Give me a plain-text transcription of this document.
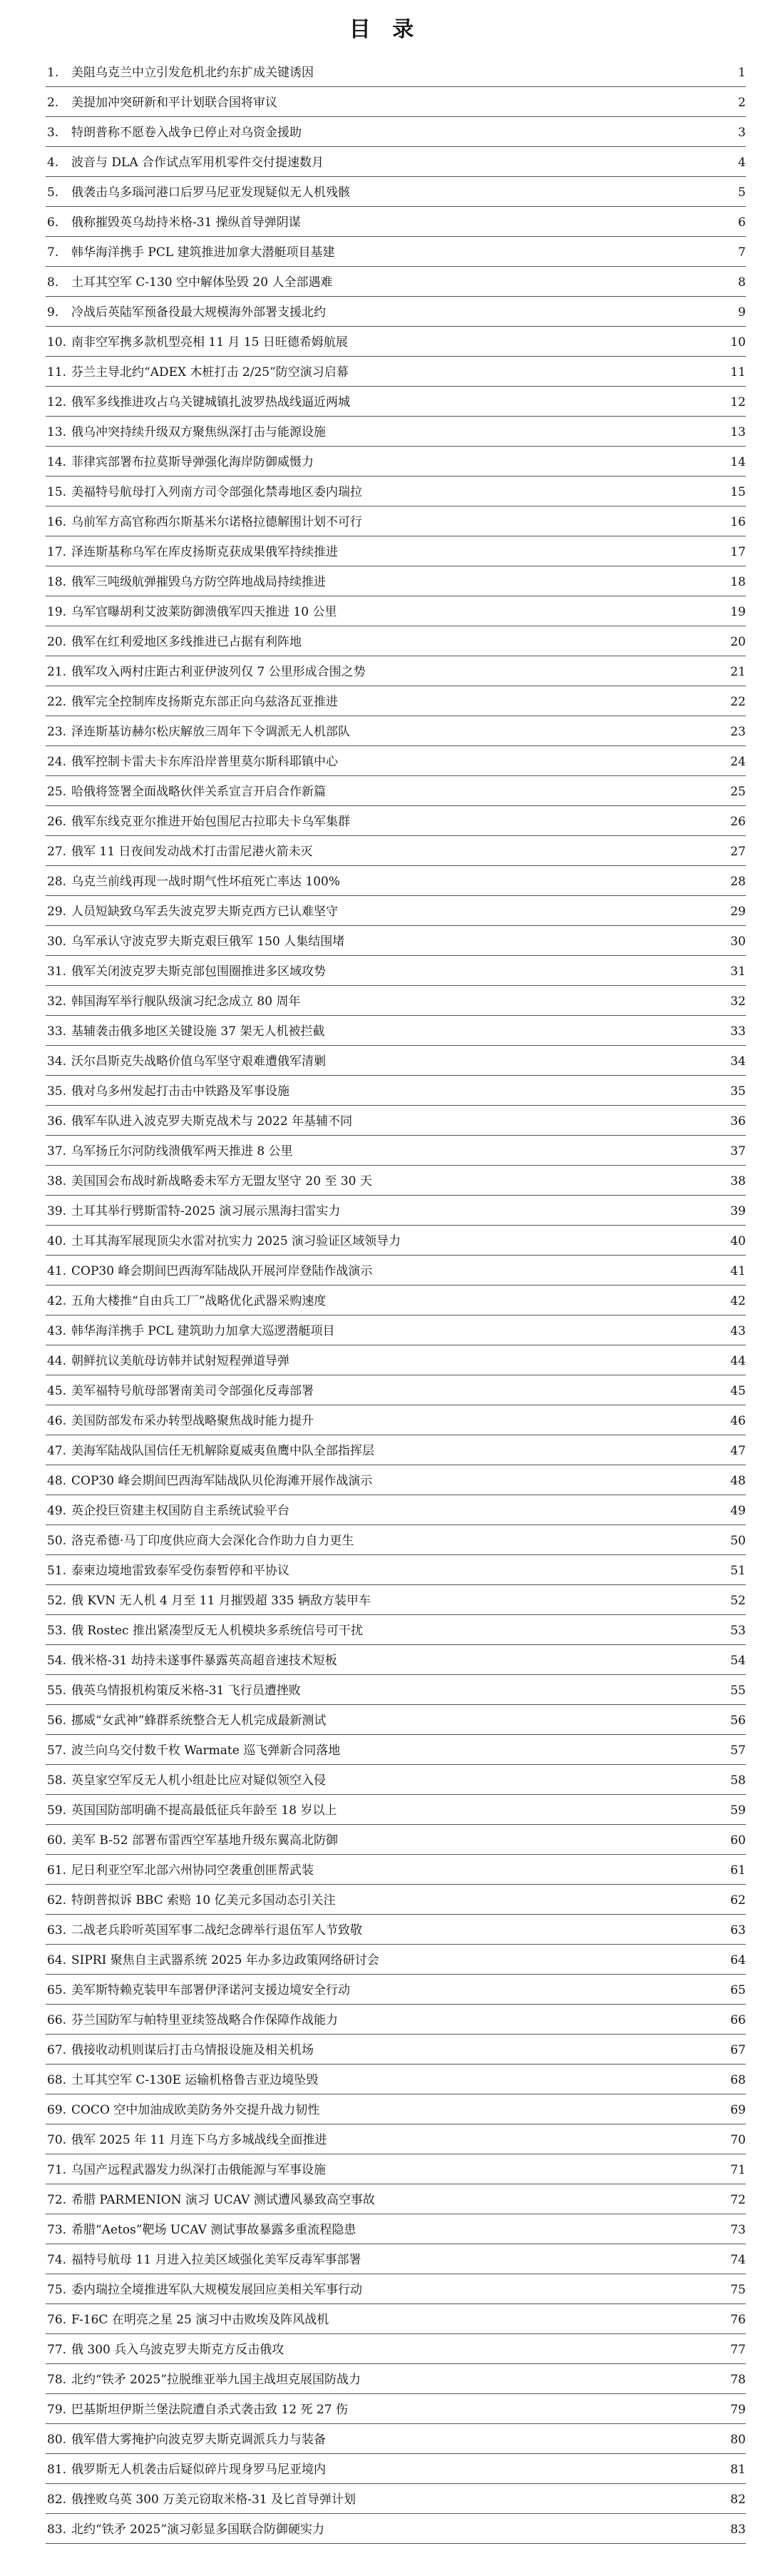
目 录
1. 美阻乌克兰中立引发危机北约东扩成关键诱因	1
2. 美提加冲突研新和平计划联合国将审议	2
3. 特朗普称不愿卷入战争已停止对乌资金援助	3
4. 波音与 DLA 合作试点军用机零件交付提速数月	4
5. 俄袭击乌多瑙河港口后罗马尼亚发现疑似无人机残骸	5
6. 俄称摧毁英乌劫持米格-31 操纵首导弹阴谋	6
7. 韩华海洋携手 PCL 建筑推进加拿大潜艇项目基建	7
8. 土耳其空军 C-130 空中解体坠毁 20 人全部遇难	8
9. 冷战后英陆军预备役最大规模海外部署支援北约	9
10. 南非空军携多款机型亮相 11 月 15 日旺德希姆航展	10
11. 芬兰主导北约“ADEX 木桩打击 2/25”防空演习启幕	11
12. 俄军多线推进攻占乌关键城镇扎波罗热战线逼近两城	12
13. 俄乌冲突持续升级双方聚焦纵深打击与能源设施	13
14. 菲律宾部署布拉莫斯导弹强化海岸防御威慑力	14
15. 美福特号航母打入列南方司令部强化禁毒地区委内瑞拉	15
16. 乌前军方高官称西尔斯基米尔诺格拉德解围计划不可行	16
17. 泽连斯基称乌军在库皮扬斯克获成果俄军持续推进	17
18. 俄军三吨级航弹摧毁乌方防空阵地战局持续推进	18
19. 乌军官曝胡利艾波莱防御溃俄军四天推进 10 公里	19
20. 俄军在红利爱地区多线推进已占据有利阵地	20
21. 俄军攻入两村庄距古利亚伊波列仅 7 公里形成合围之势	21
22. 俄军完全控制库皮扬斯克东部正向乌兹洛瓦亚推进	22
23. 泽连斯基访赫尔松庆解放三周年下令调派无人机部队	23
24. 俄军控制卡雷夫卡东库沿岸普里莫尔斯科耶镇中心	24
25. 哈俄将签署全面战略伙伴关系宣言开启合作新篇	25
26. 俄军东线克亚尔推进开始包围尼古拉耶夫卡乌军集群	26
27. 俄军 11 日夜间发动战术打击雷尼港火箭未灭	27
28. 乌克兰前线再现一战时期气性坏疽死亡率达 100%	28
29. 人员短缺致乌军丢失波克罗夫斯克西方已认难坚守	29
30. 乌军承认守波克罗夫斯克艰巨俄军 150 人集结围堵	30
31. 俄军关闭波克罗夫斯克部包围圈推进多区域攻势	31
32. 韩国海军举行舰队级演习纪念成立 80 周年	32
33. 基辅袭击俄多地区关键设施 37 架无人机被拦截	33
34. 沃尔昌斯克失战略价值乌军坚守艰难遭俄军清剿	34
35. 俄对乌多州发起打击击中铁路及军事设施	35
36. 俄军车队进入波克罗夫斯克战术与 2022 年基辅不同	36
37. 乌军扬丘尔河防线溃俄军两天推进 8 公里	37
38. 美国国会布战时新战略委未军方无盟友坚守 20 至 30 天	38
39. 土耳其举行劈斯雷特-2025 演习展示黑海扫雷实力	39
40. 土耳其海军展现顶尖水雷对抗实力 2025 演习验证区域领导力	40
41. COP30 峰会期间巴西海军陆战队开展河岸登陆作战演示	41
42. 五角大楼推“自由兵工厂”战略优化武器采购速度	42
43. 韩华海洋携手 PCL 建筑助力加拿大巡逻潜艇项目	43
44. 朝鲜抗议美航母访韩并试射短程弹道导弹	44
45. 美军福特号航母部署南美司令部强化反毒部署	45
46. 美国防部发布采办转型战略聚焦战时能力提升	46
47. 美海军陆战队国信任无机解除夏威夷鱼鹰中队全部指挥层	47
48. COP30 峰会期间巴西海军陆战队贝伦海滩开展作战演示	48
49. 英企投巨资建主权国防自主系统试验平台	49
50. 洛克希德·马丁印度供应商大会深化合作助力自力更生	50
51. 泰柬边境地雷致泰军受伤泰暂停和平协议	51
52. 俄 KVN 无人机 4 月至 11 月摧毁超 335 辆敌方装甲车	52
53. 俄 Rostec 推出紧凑型反无人机模块多系统信号可干扰	53
54. 俄米格-31 劫持未遂事件暴露英高超音速技术短板	54
55. 俄英乌情报机构策反米格-31 飞行员遭挫败	55
56. 挪威“女武神”蜂群系统整合无人机完成最新测试	56
57. 波兰向乌交付数千枚 Warmate 巡飞弹新合同落地	57
58. 英皇家空军反无人机小组赴比应对疑似领空入侵	58
59. 英国国防部明确不提高最低征兵年龄至 18 岁以上	59
60. 美军 B-52 部署布雷西空军基地升级东翼高北防御	60
61. 尼日利亚空军北部六州协同空袭重创匪帮武装	61
62. 特朗普拟诉 BBC 索赔 10 亿美元多国动态引关注	62
63. 二战老兵聆听英国军事二战纪念碑举行退伍军人节致敬	63
64. SIPRI 聚焦自主武器系统 2025 年办多边政策网络研讨会	64
65. 美军斯特赖克装甲车部署伊泽诺河支援边境安全行动	65
66. 芬兰国防军与帕特里亚续签战略合作保障作战能力	66
67. 俄接收动机则谋后打击乌情报设施及相关机场	67
68. 土耳其空军 C-130E 运输机格鲁吉亚边境坠毁	68
69. COCO 空中加油成欧美防务外交提升战力韧性	69
70. 俄军 2025 年 11 月连下乌方多城战线全面推进	70
71. 乌国产远程武器发力纵深打击俄能源与军事设施	71
72. 希腊 PARMENION 演习 UCAV 测试遭风暴致高空事故	72
73. 希腊“Aetos”靶场 UCAV 测试事故暴露多重流程隐患	73
74. 福特号航母 11 月进入拉美区域强化美军反毒军事部署	74
75. 委内瑞拉全境推进军队大规模发展回应美相关军事行动	75
76. F-16C 在明亮之星 25 演习中击败埃及阵风战机	76
77. 俄 300 兵入乌波克罗夫斯克方反击俄攻	77
78. 北约“铁矛 2025”拉脱维亚举九国主战坦克展国防战力	78
79. 巴基斯坦伊斯兰堡法院遭自杀式袭击致 12 死 27 伤	79
80. 俄军借大雾掩护向波克罗夫斯克调派兵力与装备	80
81. 俄罗斯无人机袭击后疑似碎片现身罗马尼亚境内	81
82. 俄挫败乌英 300 万美元窃取米格-31 及匕首导弹计划	82
83. 北约“铁矛 2025”演习彰显多国联合防御硬实力	83
